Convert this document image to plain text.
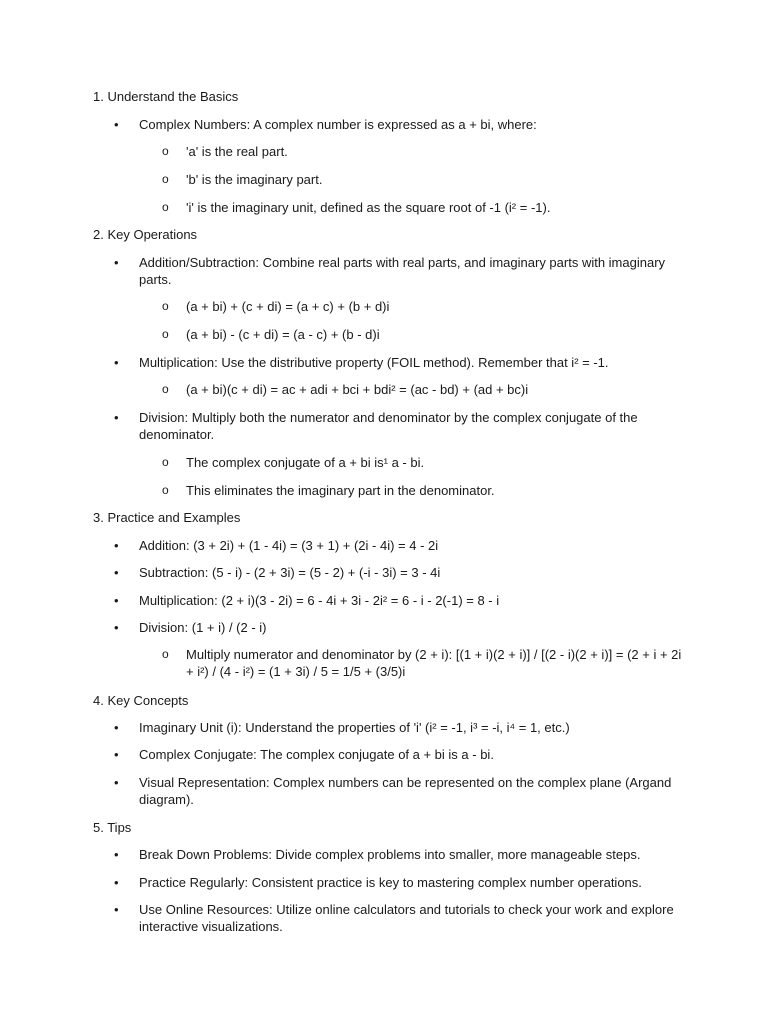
1. Understand the Basics
•	Complex Numbers: A complex number is expressed as a + bi, where:
o	'a' is the real part.
o	'b' is the imaginary part.
o	'i' is the imaginary unit, defined as the square root of -1 (i² = -1).
2. Key Operations
•	Addition/Subtraction: Combine real parts with real parts, and imaginary parts with imaginary parts.
o	(a + bi) + (c + di) = (a + c) + (b + d)i
o	(a + bi) - (c + di) = (a - c) + (b - d)i
•	Multiplication: Use the distributive property (FOIL method). Remember that i² = -1.
o	(a + bi)(c + di) = ac + adi + bci + bdi² = (ac - bd) + (ad + bc)i
•	Division: Multiply both the numerator and denominator by the complex conjugate of the denominator.
o	The complex conjugate of a + bi is¹ a - bi.
o	This eliminates the imaginary part in the denominator.
3. Practice and Examples
•	Addition: (3 + 2i) + (1 - 4i) = (3 + 1) + (2i - 4i) = 4 - 2i
•	Subtraction: (5 - i) - (2 + 3i) = (5 - 2) + (-i - 3i) = 3 - 4i
•	Multiplication: (2 + i)(3 - 2i) = 6 - 4i + 3i - 2i² = 6 - i - 2(-1) = 8 - i
•	Division: (1 + i) / (2 - i)
o	Multiply numerator and denominator by (2 + i): [(1 + i)(2 + i)] / [(2 - i)(2 + i)] = (2 + i + 2i + i²) / (4 - i²) = (1 + 3i) / 5 = 1/5 + (3/5)i
4. Key Concepts
•	Imaginary Unit (i): Understand the properties of 'i' (i² = -1, i³ = -i, i⁴ = 1, etc.)
•	Complex Conjugate: The complex conjugate of a + bi is a - bi.
•	Visual Representation: Complex numbers can be represented on the complex plane (Argand diagram).
5. Tips
•	Break Down Problems: Divide complex problems into smaller, more manageable steps.
•	Practice Regularly: Consistent practice is key to mastering complex number operations.
•	Use Online Resources: Utilize online calculators and tutorials to check your work and explore interactive visualizations.
